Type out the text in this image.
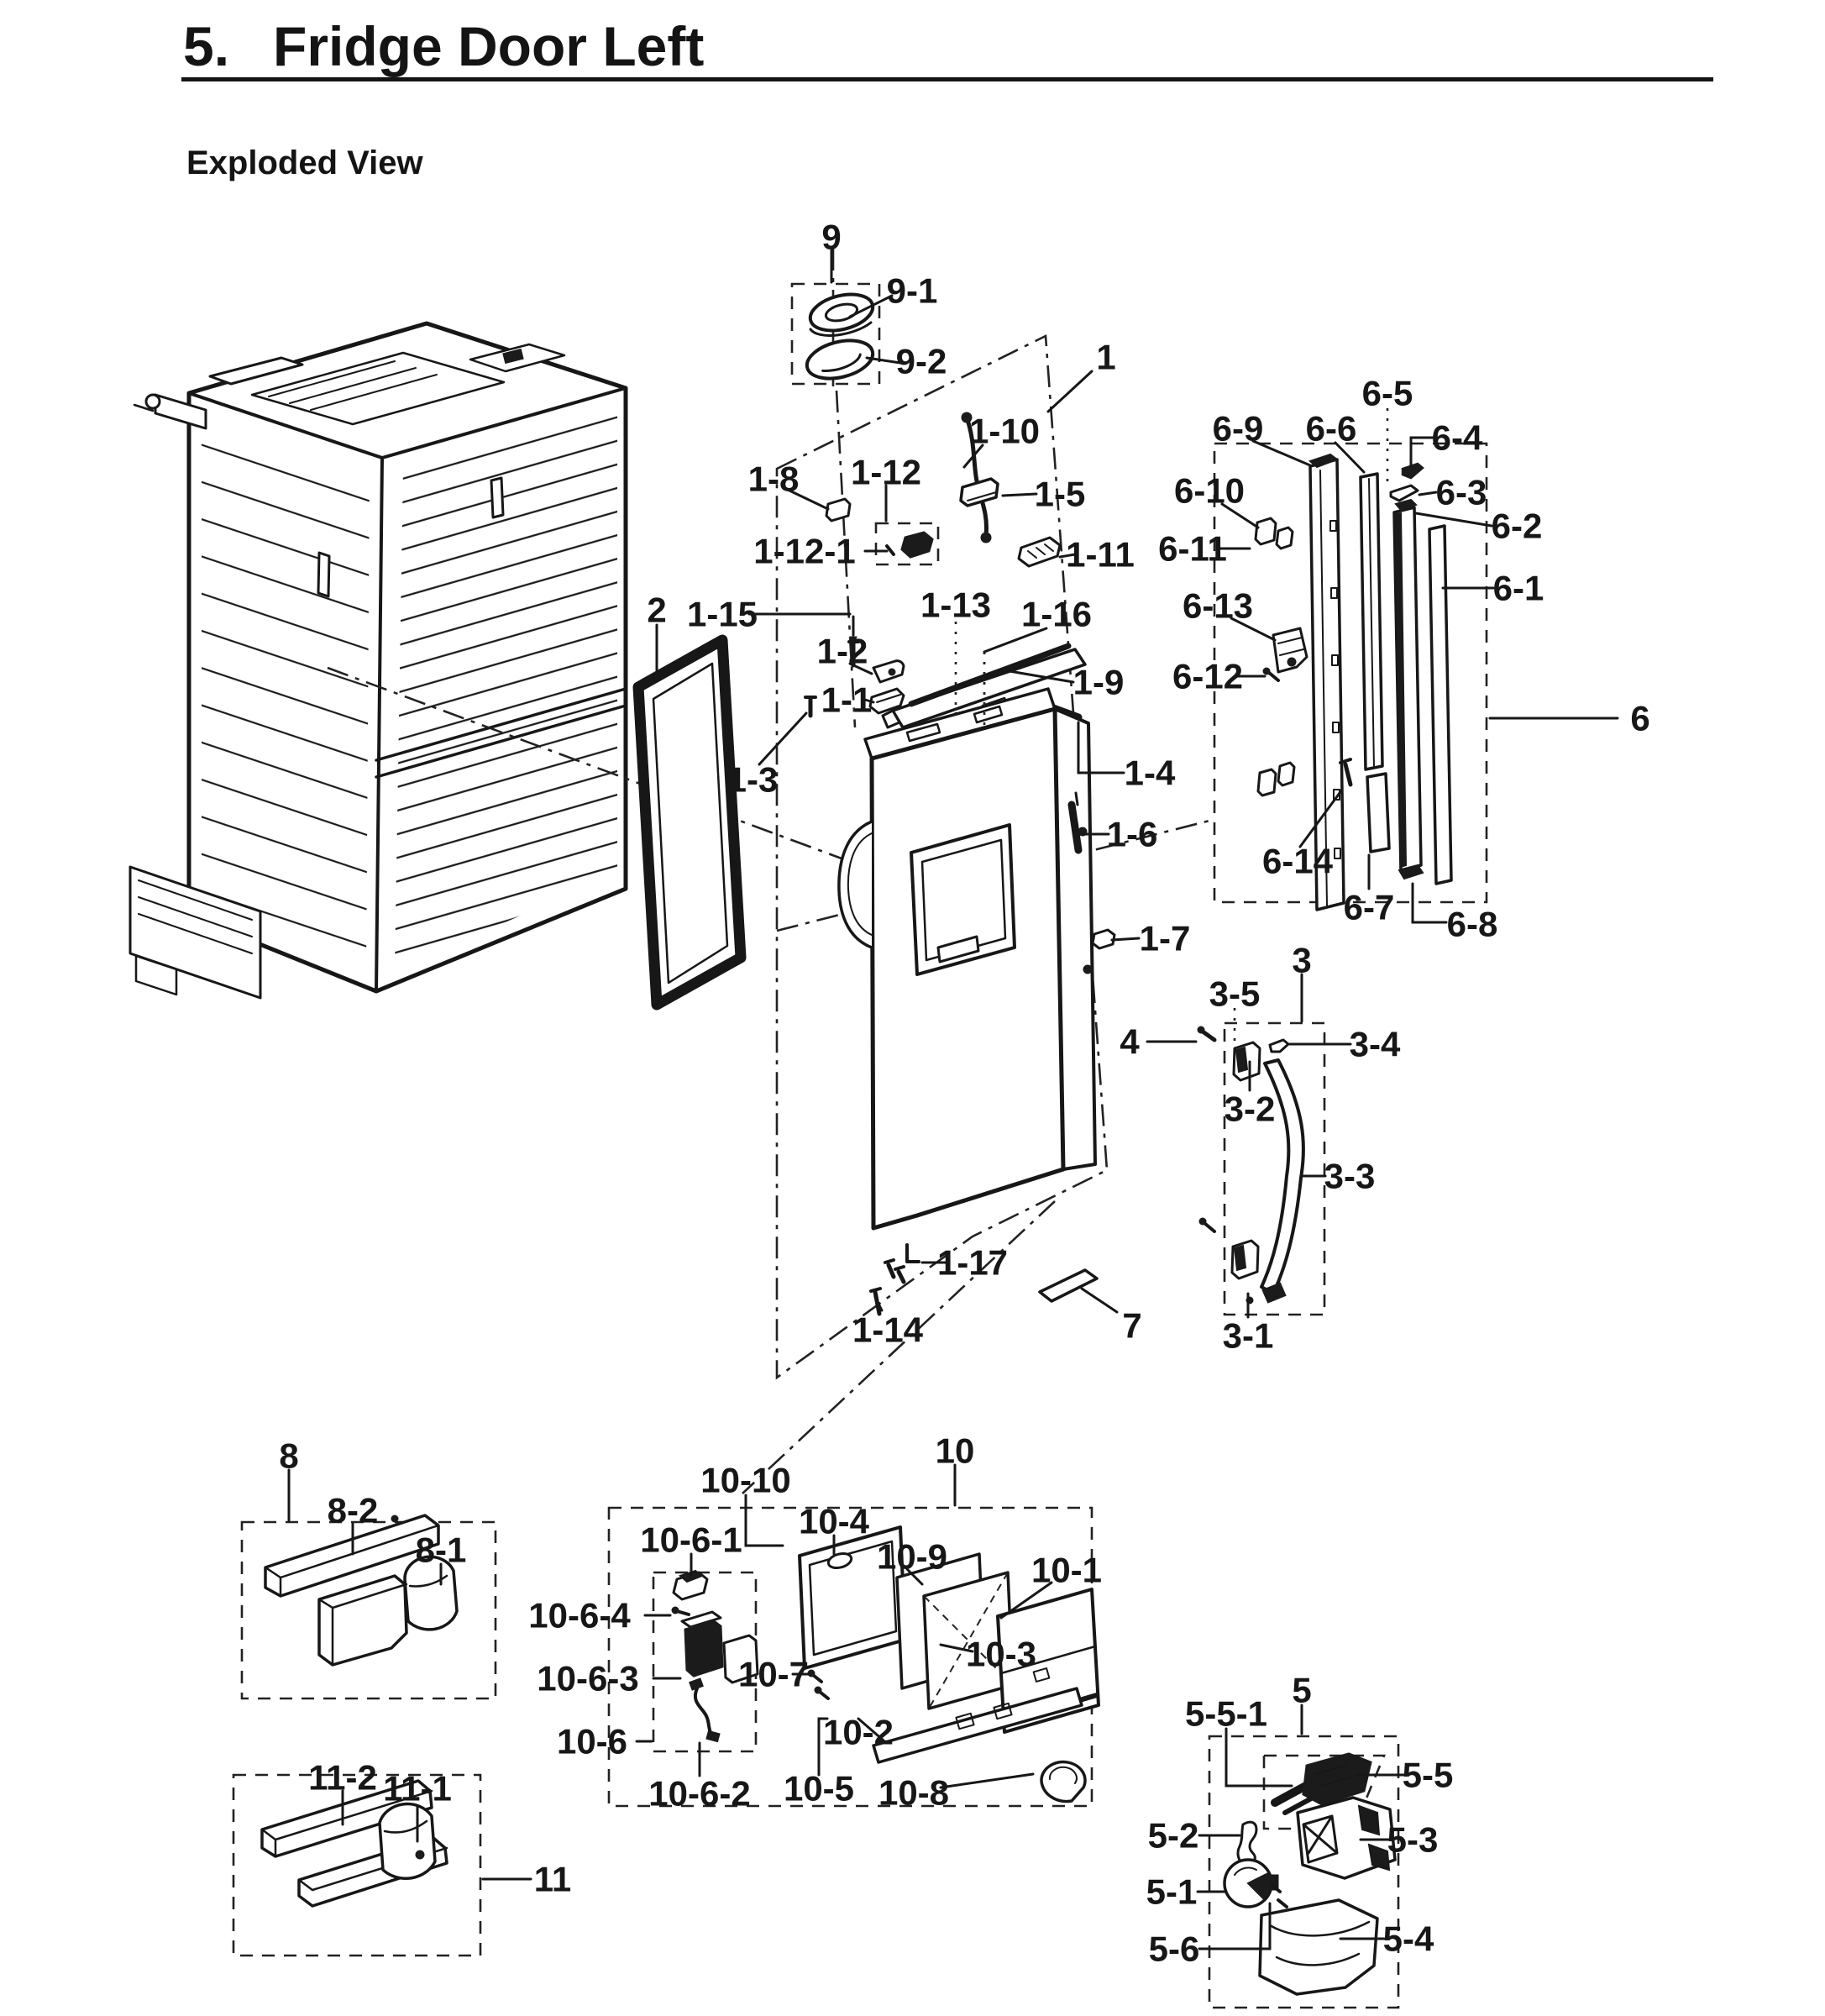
5. Fridge Door Left
Exploded View
9
9-1
9-2	1
1-10
1-5
1-8 1-12
1-12-1	1-11
1-15	1-13 1-16
2
1-2
1-1	1-9
1-3	1-4
1-6
1-7
6-9 6-6
6-5
6-4
6-3
6-2
6-1
6-10
6-11
6-13
6-12
6
6-14
6-7 6-8
3
3-5
4	3-4
3-2
3-3
3-1
7
1-17
1-14
8
8-2
8-1
10
10-10
10-6-1 10-4
10-9 10-1
10-6-4
10-3
10-6-3	10-7
10-6	10-2
10-6-2 10-5 10-8
5-5-1
5
5-5
5-2	5-3
5-1
11-2 11-1
11
5-6	5-4
